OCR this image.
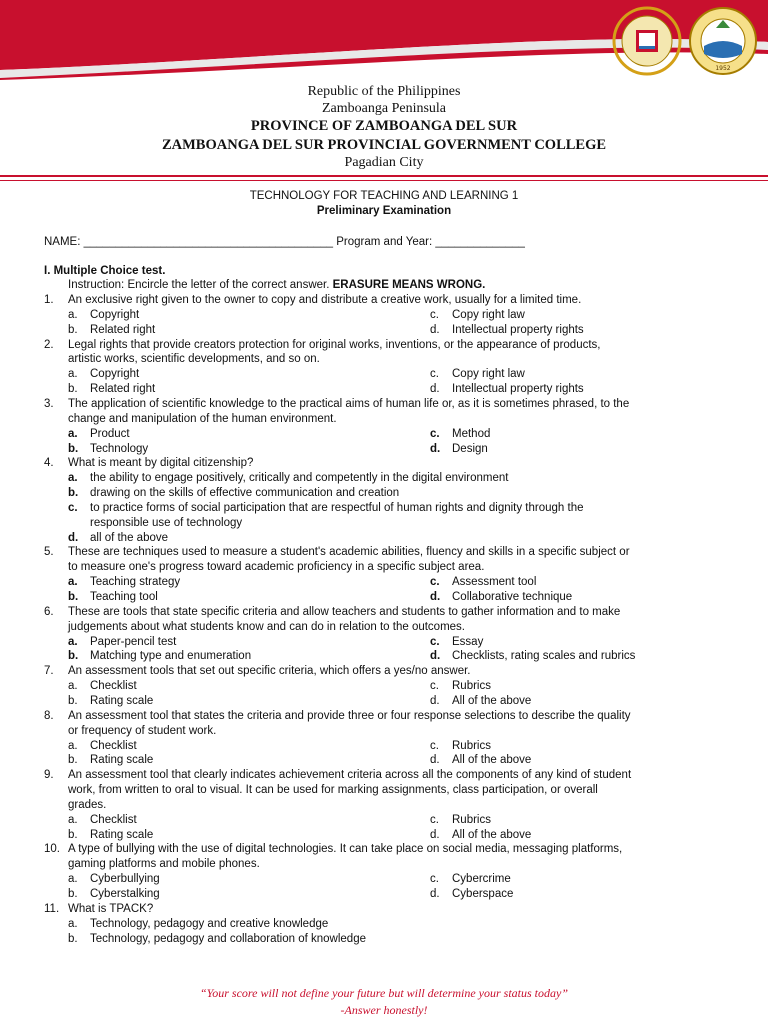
1952
Republic of the Philippines
Zamboanga Peninsula
PROVINCE OF ZAMBOANGA DEL SUR
ZAMBOANGA DEL SUR PROVINCIAL GOVERNMENT COLLEGE
Pagadian City
TECHNOLOGY FOR TEACHING AND LEARNING 1
Preliminary Examination
NAME: _______________________________________ Program and Year: ______________
I. Multiple Choice test.
Instruction: Encircle the letter of the correct answer. ERASURE MEANS WRONG.
1. An exclusive right given to the owner to copy and distribute a creative work, usually for a limited time.
a. Copyright	c. Copy right law
b. Related right	d. Intellectual property rights
2. Legal rights that provide creators protection for original works, inventions, or the appearance of products,
artistic works, scientific developments, and so on.
a. Copyright	c. Copy right law
b. Related right	d. Intellectual property rights
3. The application of scientific knowledge to the practical aims of human life or, as it is sometimes phrased, to the
change and manipulation of the human environment.
a. Product	c. Method
b. Technology	d. Design
4. What is meant by digital citizenship?
a. the ability to engage positively, critically and competently in the digital environment
b. drawing on the skills of effective communication and creation
c. to practice forms of social participation that are respectful of human rights and dignity through the
responsible use of technology
d. all of the above
5. These are techniques used to measure a student's academic abilities, fluency and skills in a specific subject or
to measure one's progress toward academic proficiency in a specific subject area.
a. Teaching strategy	c. Assessment tool
b. Teaching tool	d. Collaborative technique
6. These are tools that state specific criteria and allow teachers and students to gather information and to make
judgements about what students know and can do in relation to the outcomes.
a. Paper-pencil test	c. Essay
b. Matching type and enumeration	d. Checklists, rating scales and rubrics
7. An assessment tools that set out specific criteria, which offers a yes/no answer.
a. Checklist	c. Rubrics
b. Rating scale	d. All of the above
8. An assessment tool that states the criteria and provide three or four response selections to describe the quality
or frequency of student work.
a. Checklist	c. Rubrics
b. Rating scale	d. All of the above
9. An assessment tool that clearly indicates achievement criteria across all the components of any kind of student
work, from written to oral to visual. It can be used for marking assignments, class participation, or overall
grades.
a. Checklist	c. Rubrics
b. Rating scale	d. All of the above
10. A type of bullying with the use of digital technologies. It can take place on social media, messaging platforms,
gaming platforms and mobile phones.
a. Cyberbullying	c. Cybercrime
b. Cyberstalking	d. Cyberspace
11. What is TPACK?
a. Technology, pedagogy and creative knowledge
b. Technology, pedagogy and collaboration of knowledge
“Your score will not define your future but will determine your status today”
-Answer honestly!
